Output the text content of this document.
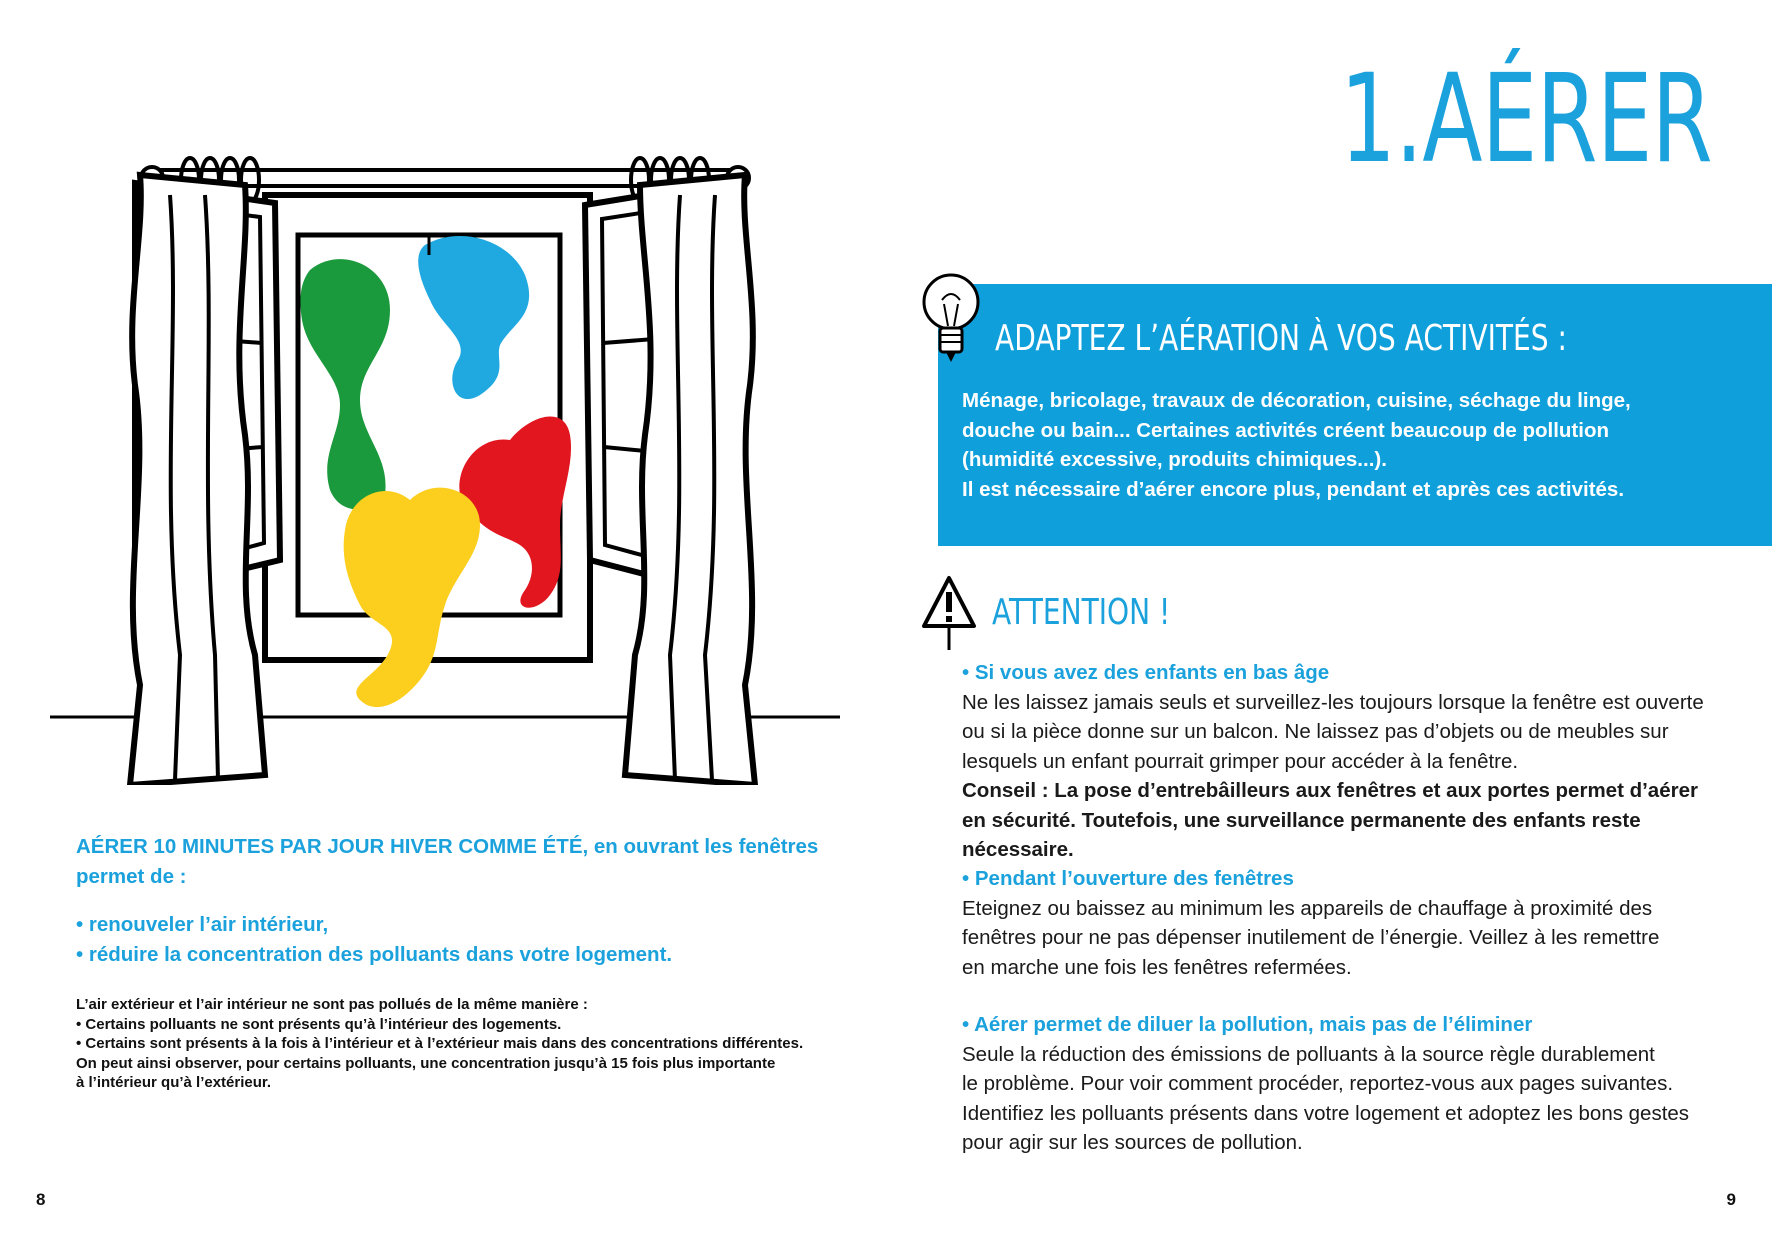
AÉRER 10 MINUTES PAR JOUR HIVER COMME ÉTÉ, en ouvrant les fenêtres
permet de :
• renouveler l’air intérieur,
• réduire la concentration des polluants dans votre logement.
L’air extérieur et l’air intérieur ne sont pas pollués de la même manière :
• Certains polluants ne sont présents qu’à l’intérieur des logements.
• Certains sont présents à la fois à l’intérieur et à l’extérieur mais dans des concentrations différentes.
On peut ainsi observer, pour certains polluants, une concentration jusqu’à 15 fois plus importante
à l’intérieur qu’à l’extérieur.
8
1.AÉRER
ADAPTEZ L’AÉRATION À VOS ACTIVITÉS :
Ménage, bricolage, travaux de décoration, cuisine, séchage du linge,
douche ou bain... Certaines activités créent beaucoup de pollution
(humidité excessive, produits chimiques...).
Il est nécessaire d’aérer encore plus, pendant et après ces activités.
ATTENTION !

• Si vous avez des enfants en bas âge

Ne les laissez jamais seuls et surveillez-les toujours lorsque la fenêtre est ouverte

ou si la pièce donne sur un balcon. Ne laissez pas d’objets ou de meubles sur

lesquels un enfant pourrait grimper pour accéder à la fenêtre.

Conseil : La pose d’entrebâilleurs aux fenêtres et aux portes permet d’aérer

en sécurité. Toutefois, une surveillance permanente des enfants reste nécessaire.

• Pendant l’ouverture des fenêtres

Eteignez ou baissez au minimum les appareils de chauffage à proximité des

fenêtres pour ne pas dépenser inutilement de l’énergie. Veillez à les remettre

en marche une fois les fenêtres refermées.

• Aérer permet de diluer la pollution, mais pas de l’éliminer

Seule la réduction des émissions de polluants à la source règle durablement

le problème. Pour voir comment procéder, reportez-vous aux pages suivantes.

Identifiez les polluants présents dans votre logement et adoptez les bons gestes

pour agir sur les sources de pollution.

9
